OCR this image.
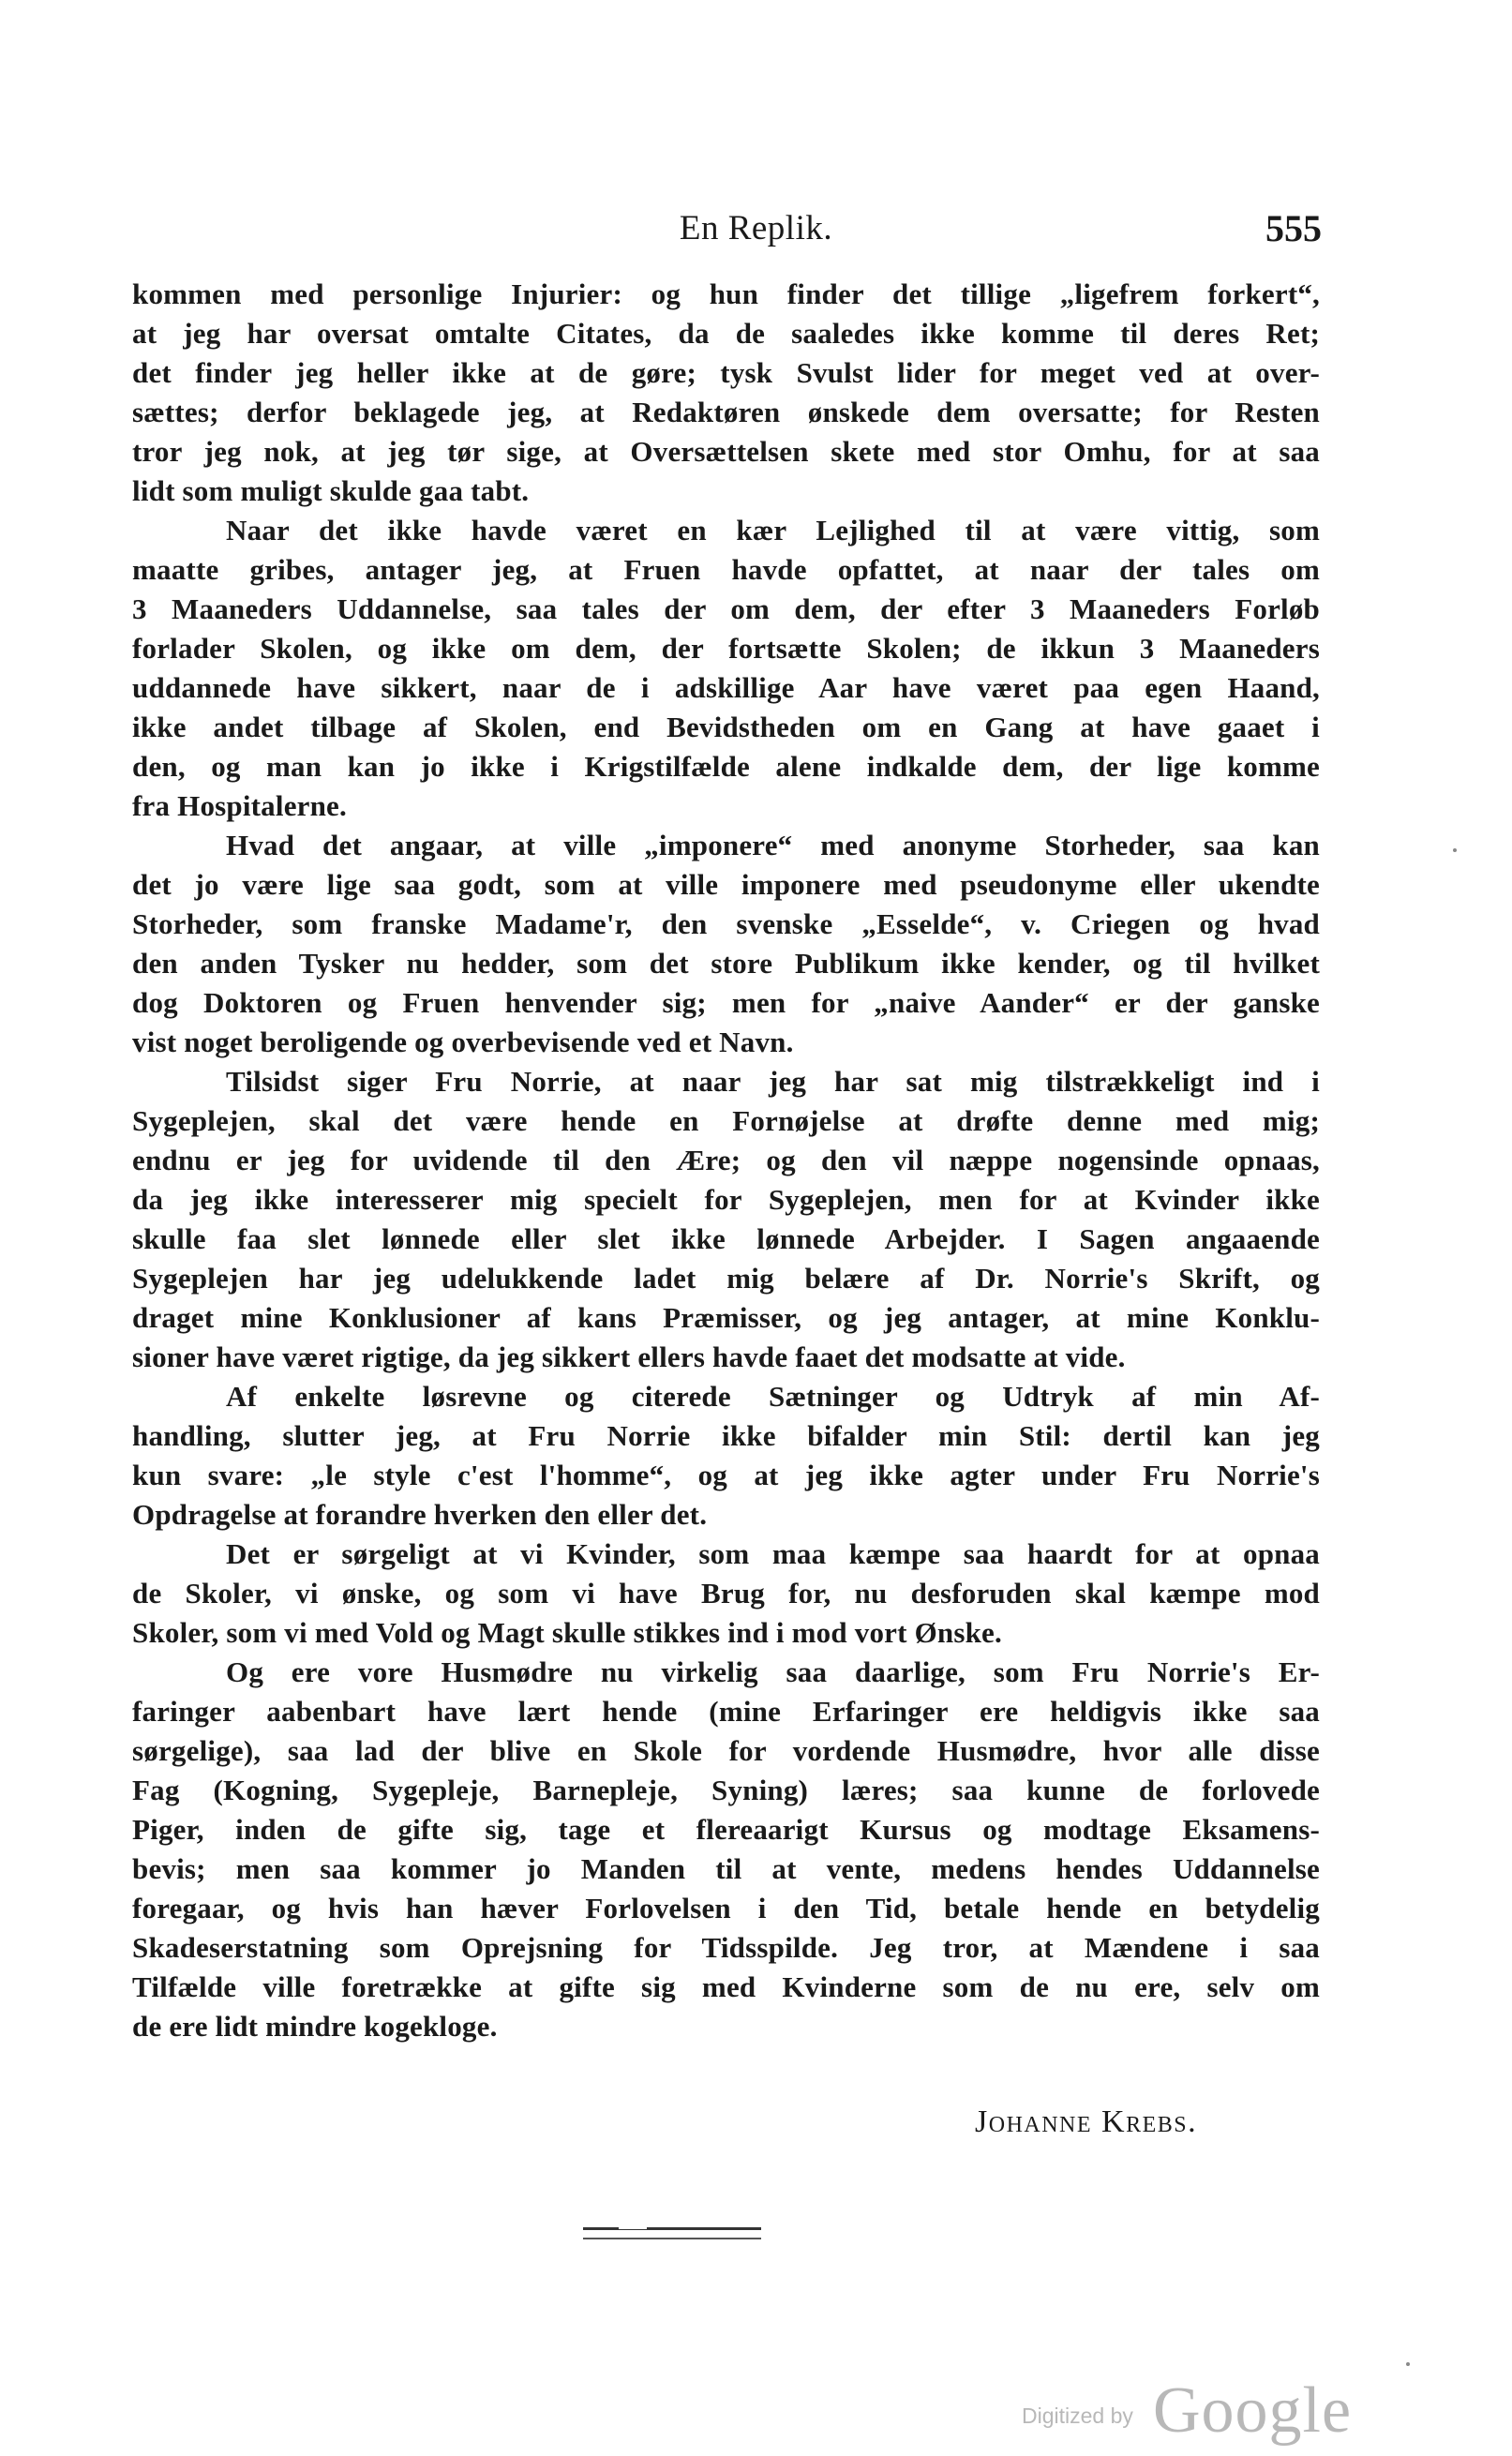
En Replik.	555
kommen med personlige Injurier: og hun finder det tillige „ligefrem forkert“,
at jeg har oversat omtalte Citates, da de saaledes ikke komme til deres Ret;
det finder jeg heller ikke at de gøre; tysk Svulst lider for meget ved at over-
sættes; derfor beklagede jeg, at Redaktøren ønskede dem oversatte; for Resten
tror jeg nok, at jeg tør sige, at Oversættelsen skete med stor Omhu, for at saa
lidt som muligt skulde gaa tabt.
Naar det ikke havde været en kær Lejlighed til at være vittig, som
maatte gribes, antager jeg, at Fruen havde opfattet, at naar der tales om
3 Maaneders Uddannelse, saa tales der om dem, der efter 3 Maaneders Forløb
forlader Skolen, og ikke om dem, der fortsætte Skolen; de ikkun 3 Maaneders
uddannede have sikkert, naar de i adskillige Aar have været paa egen Haand,
ikke andet tilbage af Skolen, end Bevidstheden om en Gang at have gaaet i
den, og man kan jo ikke i Krigstilfælde alene indkalde dem, der lige komme
fra Hospitalerne.
Hvad det angaar, at ville „imponere“ med anonyme Storheder, saa kan
det jo være lige saa godt, som at ville imponere med pseudonyme eller ukendte
Storheder, som franske Madame'r, den svenske „Esselde“, v. Criegen og hvad
den anden Tysker nu hedder, som det store Publikum ikke kender, og til hvilket
dog Doktoren og Fruen henvender sig; men for „naive Aander“ er der ganske
vist noget beroligende og overbevisende ved et Navn.
Tilsidst siger Fru Norrie, at naar jeg har sat mig tilstrækkeligt ind i
Sygeplejen, skal det være hende en Fornøjelse at drøfte denne med mig;
endnu er jeg for uvidende til den Ære; og den vil næppe nogensinde opnaas,
da jeg ikke interesserer mig specielt for Sygeplejen, men for at Kvinder ikke
skulle faa slet lønnede eller slet ikke lønnede Arbejder. I Sagen angaaende
Sygeplejen har jeg udelukkende ladet mig belære af Dr. Norrie's Skrift, og
draget mine Konklusioner af kans Præmisser, og jeg antager, at mine Konklu-
sioner have været rigtige, da jeg sikkert ellers havde faaet det modsatte at vide.
Af enkelte løsrevne og citerede Sætninger og Udtryk af min Af-
handling, slutter jeg, at Fru Norrie ikke bifalder min Stil: dertil kan jeg
kun svare: „le style c'est l'homme“, og at jeg ikke agter under Fru Norrie's
Opdragelse at forandre hverken den eller det.
Det er sørgeligt at vi Kvinder, som maa kæmpe saa haardt for at opnaa
de Skoler, vi ønske, og som vi have Brug for, nu desforuden skal kæmpe mod
Skoler, som vi med Vold og Magt skulle stikkes ind i mod vort Ønske.
Og ere vore Husmødre nu virkelig saa daarlige, som Fru Norrie's Er-
faringer aabenbart have lært hende (mine Erfaringer ere heldigvis ikke saa
sørgelige), saa lad der blive en Skole for vordende Husmødre, hvor alle disse
Fag (Kogning, Sygepleje, Barnepleje, Syning) læres; saa kunne de forlovede
Piger, inden de gifte sig, tage et flereaarigt Kursus og modtage Eksamens-
bevis; men saa kommer jo Manden til at vente, medens hendes Uddannelse
foregaar, og hvis han hæver Forlovelsen i den Tid, betale hende en betydelig
Skadeserstatning som Oprejsning for Tidsspilde. Jeg tror, at Mændene i saa
Tilfælde ville foretrække at gifte sig med Kvinderne som de nu ere, selv om
de ere lidt mindre kogekloge.
Johanne Krebs.
Digitized by Google
